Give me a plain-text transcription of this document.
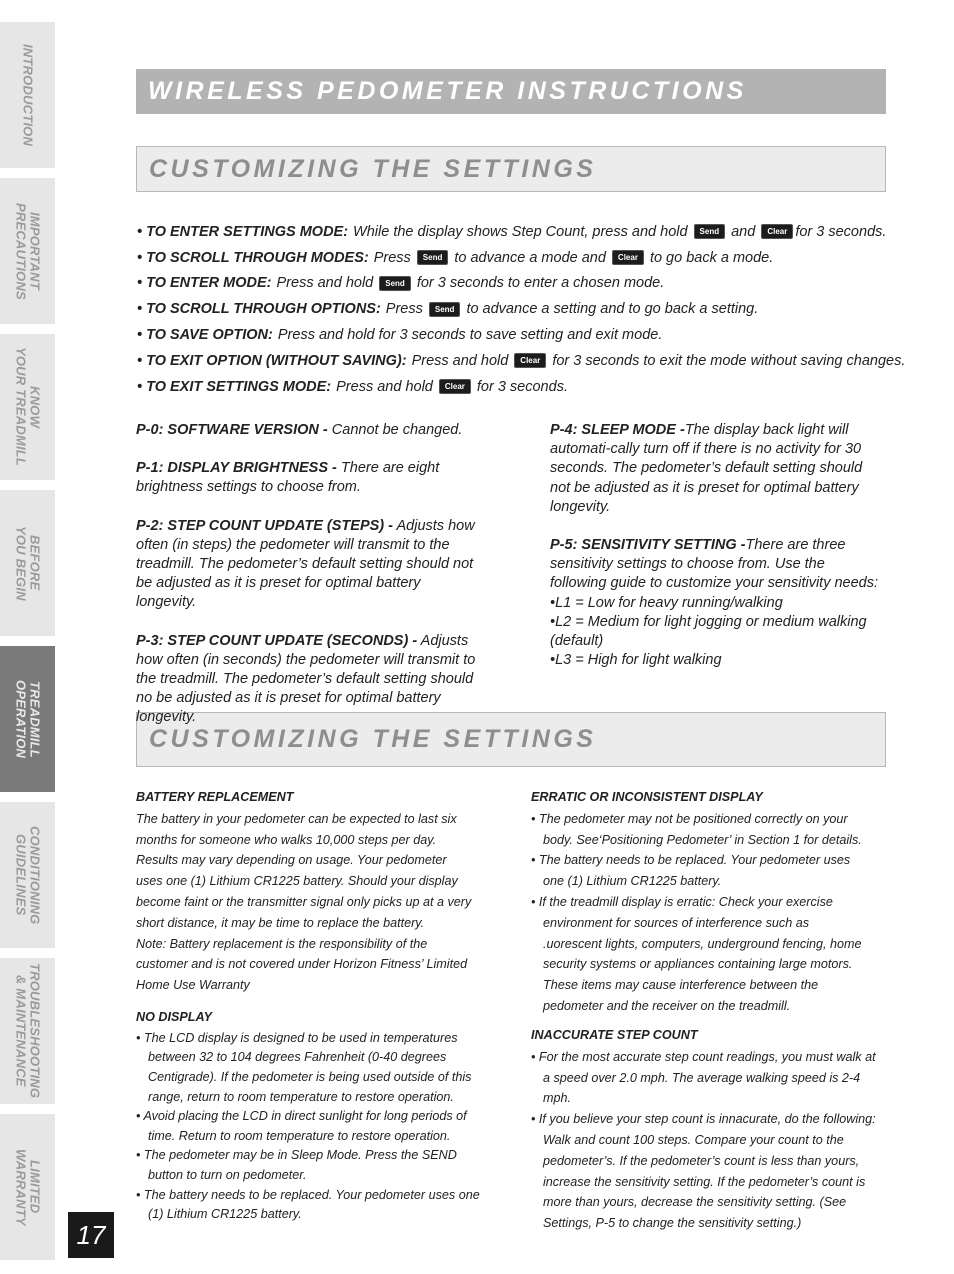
INTRODUCTION
IMPORTANT
PRECAUTIONS
KNOW
YOUR TREADMILL
BEFORE
YOU BEGIN
TREADMILL
OPERATION
CONDITIONING
GUIDELINES
TROUBLESHOOTING
& MAINTENANCE
LIMITED
WARRANTY
17
WIRELESS PEDOMETER INSTRUCTIONS
CUSTOMIZING THE SETTINGS
CUSTOMIZING THE SETTINGS
• TO ENTER SETTINGS MODE: While the display shows Step Count, press and hold	Send and	Clear for 3 seconds.
• TO SCROLL THROUGH MODES: Press	Send to advance a mode and	Clear to go back a mode.
• TO ENTER MODE: Press and hold	Send for 3 seconds to enter a chosen mode.
• TO SCROLL THROUGH OPTIONS: Press	Send to advance a setting and to go back a setting.
• TO SAVE OPTION: Press and hold for 3 seconds to save setting and exit mode.
• TO EXIT OPTION (WITHOUT SAVING): Press and hold	Clear for 3 seconds to exit the mode without saving changes.
• TO EXIT SETTINGS MODE: Press and hold	Clear for 3 seconds.

P-0: SOFTWARE VERSION - Cannot be changed.

P-1: DISPLAY BRIGHTNESS - There are eight brightness settings to choose from.

P-2: STEP COUNT UPDATE (STEPS) - Adjusts how often (in steps) the pedometer will transmit to the treadmill. The pedometer’s default setting should not be adjusted as it is preset for optimal battery longevity.

P-3: STEP COUNT UPDATE (SECONDS) - Adjusts how often (in seconds) the pedometer will transmit to the treadmill. The pedometer’s default setting should no be adjusted as it is preset for optimal battery longevity.

P-4: SLEEP MODE -The display back light will automati-cally turn off if there is no activity for 30 seconds. The pedometer’s default setting should not be adjusted as it is preset for optimal battery longevity.

P-5: SENSITIVITY SETTING -There are three sensitivity settings to choose from. Use the following guide to customize your sensitivity needs:

•L1 = Low for heavy running/walking
•L2 = Medium for light jogging or medium walking (default)
•L3 = High for light walking
BATTERY REPLACEMENT

The battery in your pedometer can be expected to last six months for someone who walks 10,000 steps per day. Results may vary depending on usage. Your pedometer uses one (1) Lithium CR1225 battery. Should your display become faint or the transmitter signal only picks up at a very short distance, it may be time to replace the battery.

Note: Battery replacement is the responsibility of the customer and is not covered under Horizon Fitness’ Limited Home Use Warranty

NO DISPLAY
• The LCD display is designed to be used in temperatures between 32 to 104 degrees Fahrenheit (0-40 degrees Centigrade). If the pedometer is being used outside of this range, return to room temperature to restore operation.
• Avoid placing the LCD in direct sunlight for long periods of time. Return to room temperature to restore operation.
• The pedometer may be in Sleep Mode. Press the SEND button to turn on pedometer.
• The battery needs to be replaced. Your pedometer uses one (1) Lithium CR1225 battery.
ERRATIC OR INCONSISTENT DISPLAY
• The pedometer may not be positioned correctly on your body. See‘Positioning Pedometer’ in Section 1 for details.
• The battery needs to be replaced. Your pedometer uses one (1) Lithium CR1225 battery.
• If the treadmill display is erratic: Check your exercise environment for sources of interference such as .uorescent lights, computers, underground fencing, home security systems or appliances containing large motors. These items may cause interference between the pedometer and the receiver on the treadmill.
INACCURATE STEP COUNT
• For the most accurate step count readings, you must walk at a speed over 2.0 mph. The average walking speed is 2-4 mph.
• If you believe your step count is innacurate, do the following: Walk and count 100 steps. Compare your count to the pedometer’s. If the pedometer’s count is less than yours, increase the sensitivity setting. If the pedometer’s count is more than yours, decrease the sensitivity setting. (See Settings, P-5 to change the sensitivity setting.)
